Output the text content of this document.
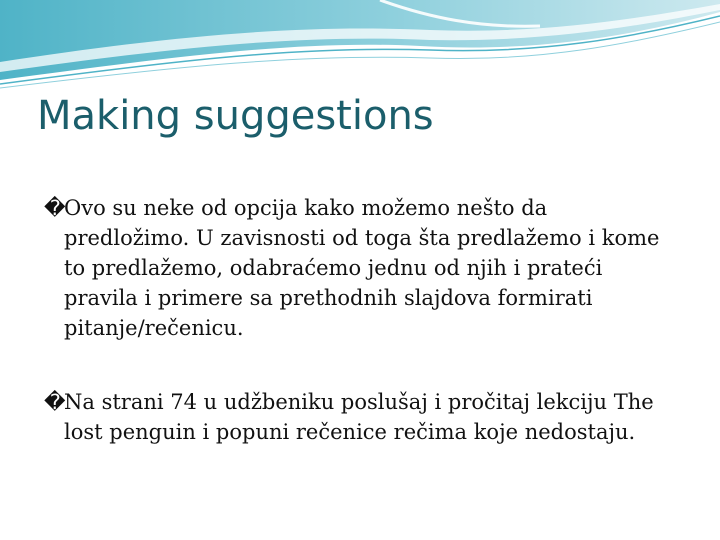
Making suggestions
�
Ovo su neke od opcija kako možemo nešto da predložimo. U zavisnosti od toga šta predlažemo i kome to predlažemo, odabraćemo jednu od njih i prateći pravila i primere sa prethodnih slajdova formirati pitanje/rečenicu.
�
Na strani 74 u udžbeniku poslušaj i pročitaj lekciju The lost penguin i popuni rečenice rečima koje nedostaju.
